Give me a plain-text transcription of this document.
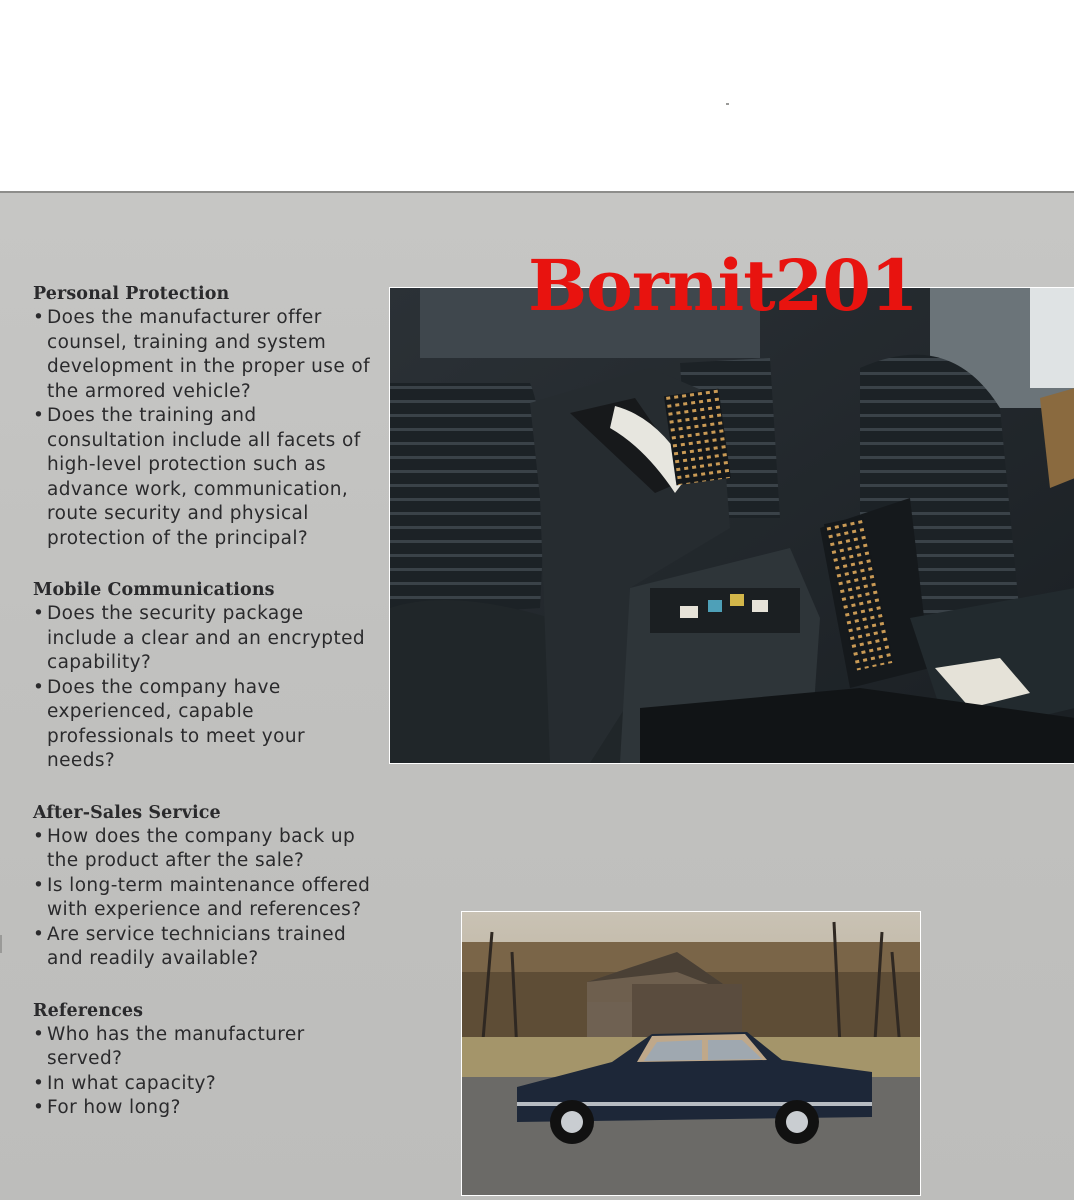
Personal Protection
• Does the manufacturer offer counsel, training and system development in the proper use of the armored vehicle?
• Does the training and consultation include all facets of high-level protection such as advance work, communication, route security and physical protection of the principal?
Mobile Communications
• Does the security package include a clear and an encrypted capability?
• Does the company have experienced, capable professionals to meet your needs?
After-Sales Service
• How does the company back up the product after the sale?
• Is long-term maintenance offered with experience and references?
• Are service technicians trained and readily available?
References
• Who has the manufacturer served?
• In what capacity?
• For how long?
Bornit201
